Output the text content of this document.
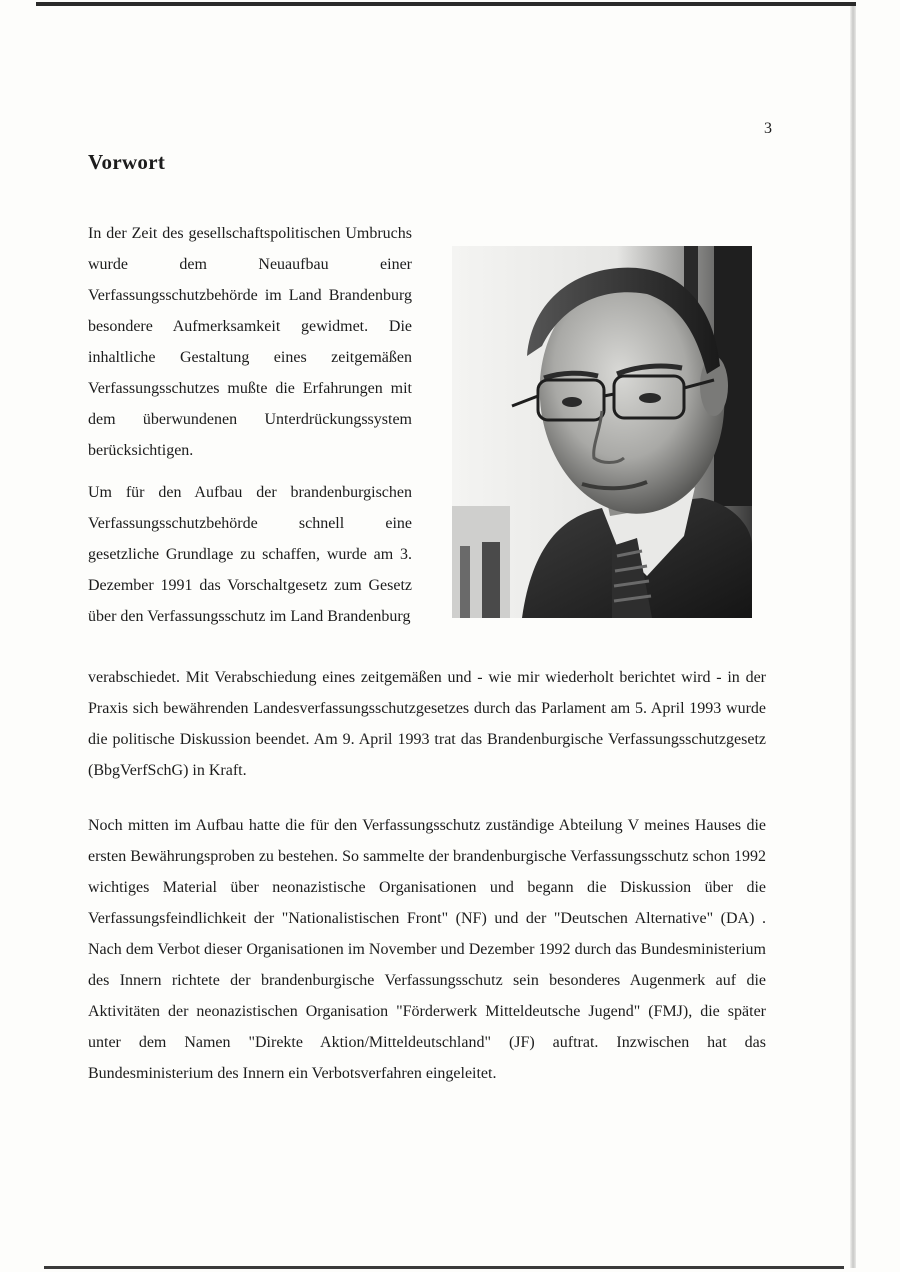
3
Vorwort

In der Zeit des gesellschaftspolitischen Umbruchs wurde dem Neuaufbau einer Verfassungsschutzbehörde im Land Brandenburg besondere Aufmerksamkeit gewidmet. Die inhaltliche Gestaltung eines zeitgemäßen Verfassungsschutzes mußte die Erfahrungen mit dem überwundenen Unterdrückungssystem berücksichtigen.

Um für den Aufbau der brandenburgischen Verfassungsschutzbehörde schnell eine gesetzliche Grundlage zu schaffen, wurde am 3. Dezember 1991 das Vorschaltgesetz zum Gesetz über den Verfassungsschutz im Land Brandenburg

verabschiedet. Mit Verabschiedung eines zeitgemäßen und - wie mir wiederholt berichtet wird - in der Praxis sich bewährenden Landesverfassungsschutzgesetzes durch das Parlament am 5. April 1993 wurde die politische Diskussion beendet. Am 9. April 1993 trat das Brandenburgische Verfassungsschutzgesetz (BbgVerfSchG) in Kraft.

Noch mitten im Aufbau hatte die für den Verfassungsschutz zuständige Abteilung V meines Hauses die ersten Bewährungsproben zu bestehen. So sammelte der brandenburgische Verfassungsschutz schon 1992 wichtiges Material über neonazistische Organisationen und begann die Diskussion über die Verfassungsfeindlichkeit der "Nationalistischen Front" (NF) und der "Deutschen Alternative" (DA) . Nach dem Verbot dieser Organisationen im November und Dezember 1992 durch das Bundesministerium des Innern richtete der brandenburgische Verfassungsschutz sein besonderes Augenmerk auf die Aktivitäten der neonazistischen Organisation "Förderwerk Mitteldeutsche Jugend" (FMJ), die später unter dem Namen "Direkte Aktion/Mitteldeutschland" (JF) auftrat. Inzwischen hat das Bundesministerium des Innern ein Verbotsverfahren eingeleitet.
